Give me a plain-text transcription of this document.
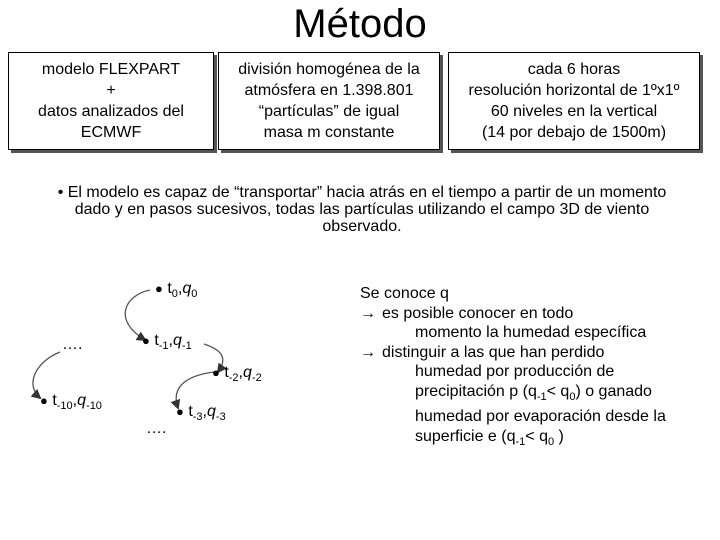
Método
modelo FLEXPART
+
datos analizados del
ECMWF
división homogénea de la
atmósfera en 1.398.801
“partículas” de igual
masa m constante
cada 6 horas
resolución horizontal de 1ºx1º
60 niveles en la vertical
(14 por debajo de 1500m)
• El modelo es capaz de “transportar” hacia atrás en el tiempo a partir de un momento
dado y en pasos sucesivos, todas las partículas utilizando el campo 3D de viento
observado.
● $t_0,q_0$
● $t_{-1},q_{-1}$
● $t_{-2},q_{-2}$
● $t_{-3},q_{-3}$
● $t_{-10},q_{-10}$
….
….
Se conoce q
→ es posible conocer en todo
momento la humedad específica
→ distinguir a las que han perdido
humedad por producción de
precipitación p $(q_{-1}< q_0)$ o ganado
humedad por evaporación desde la
superficie e ($q_{-1}< q_0$ )
